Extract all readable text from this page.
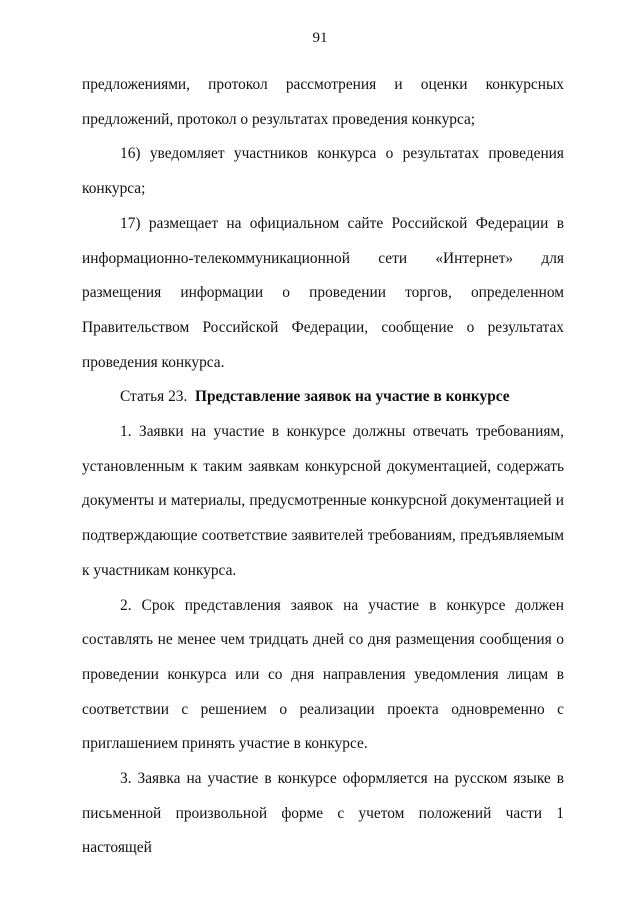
91

предложениями, протокол рассмотрения и оценки конкурсных предложений, протокол о результатах проведения конкурса;

16) уведомляет участников конкурса о результатах проведения конкурса;

17) размещает на официальном сайте Российской Федерации в информационно-телекоммуникационной сети «Интернет» для размещения информации о проведении торгов, определенном Правительством Российской Федерации, сообщение о результатах проведения конкурса.

Статья 23. Представление заявок на участие в конкурсе

1. Заявки на участие в конкурсе должны отвечать требованиям, установленным к таким заявкам конкурсной документацией, содержать документы и материалы, предусмотренные конкурсной документацией и подтверждающие соответствие заявителей требованиям, предъявляемым к участникам конкурса.

2. Срок представления заявок на участие в конкурсе должен составлять не менее чем тридцать дней со дня размещения сообщения о проведении конкурса или со дня направления уведомления лицам в соответствии с решением о реализации проекта одновременно с приглашением принять участие в конкурсе.

3. Заявка на участие в конкурсе оформляется на русском языке в письменной произвольной форме с учетом положений части 1 настоящей
